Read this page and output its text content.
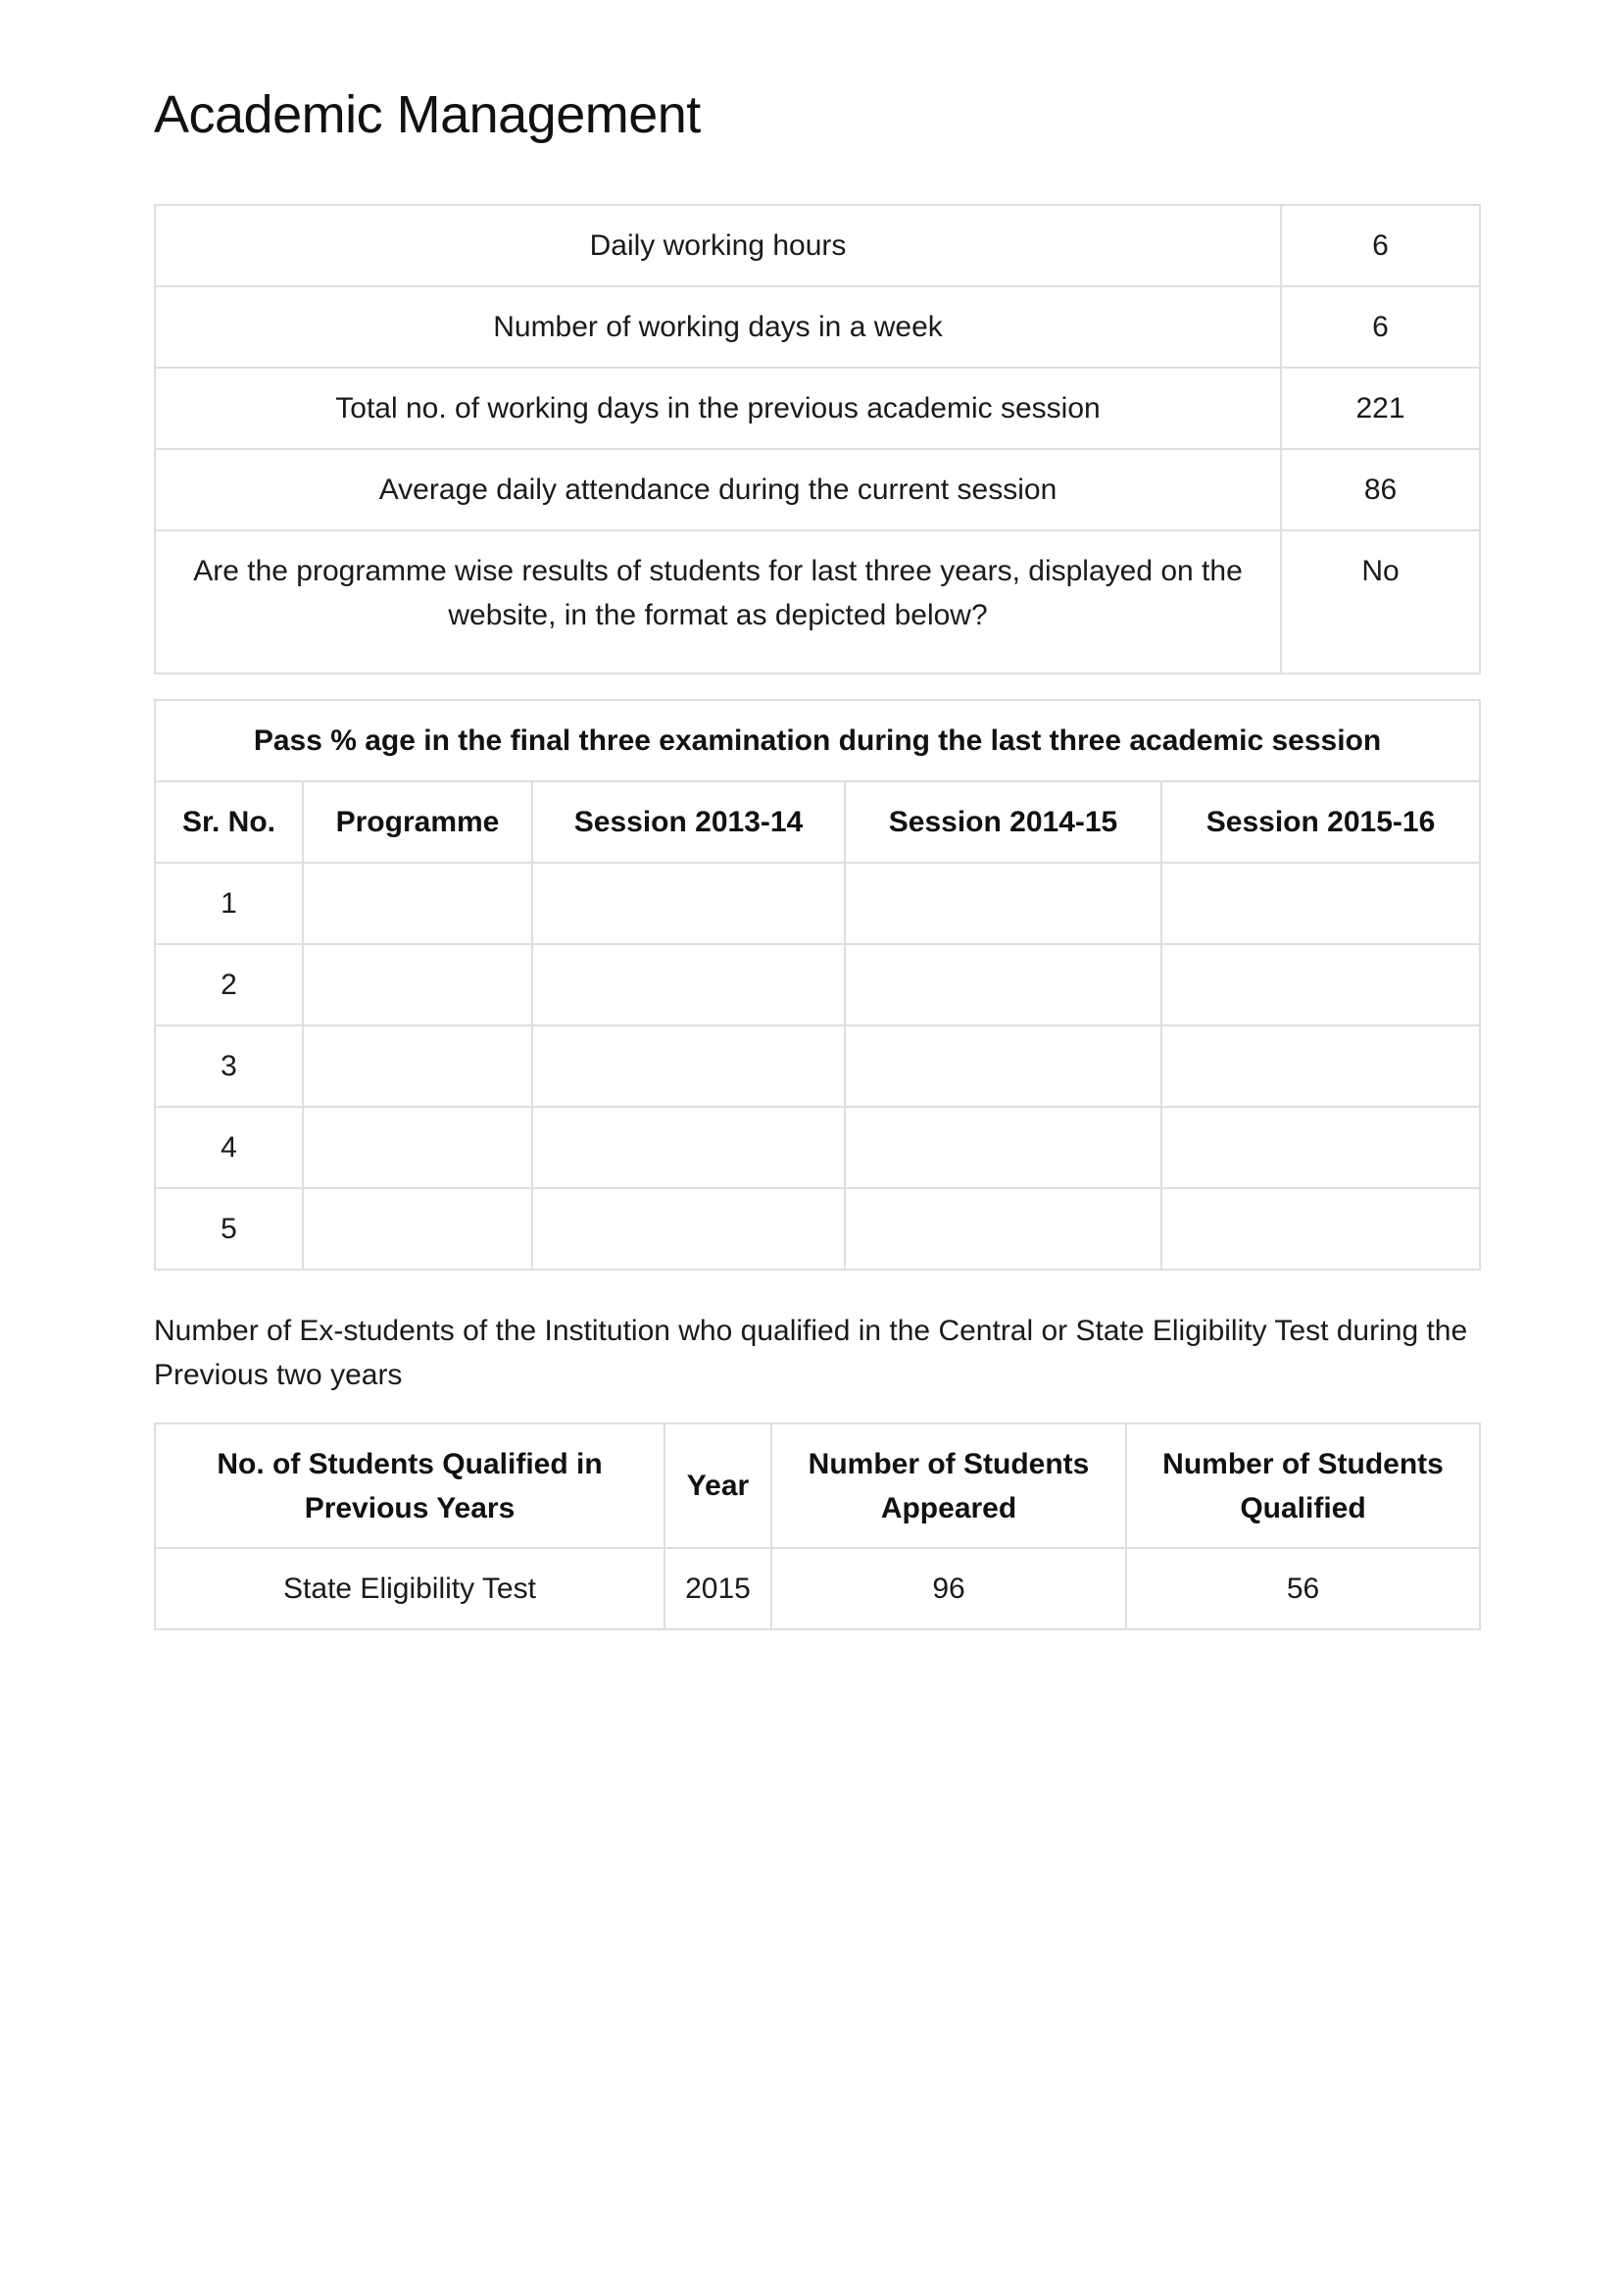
Academic Management
Daily working hours	6
Number of working days in a week	6
Total no. of working days in the previous academic session	221
Average daily attendance during the current session	86
Are the programme wise results of students for last three years, displayed on the website, in the format as depicted below?	No
Pass % age in the final three examination during the last three academic session				
Sr. No.	Programme	Session 2013-14	Session 2014-15	Session 2015-16
1				
2				
3				
4				
5				

Number of Ex-students of the Institution who qualified in the Central or State Eligibility Test during the Previous two years

No. of Students Qualified in Previous Years	Year	Number of Students Appeared	Number of Students Qualified
State Eligibility Test	2015	96	56
